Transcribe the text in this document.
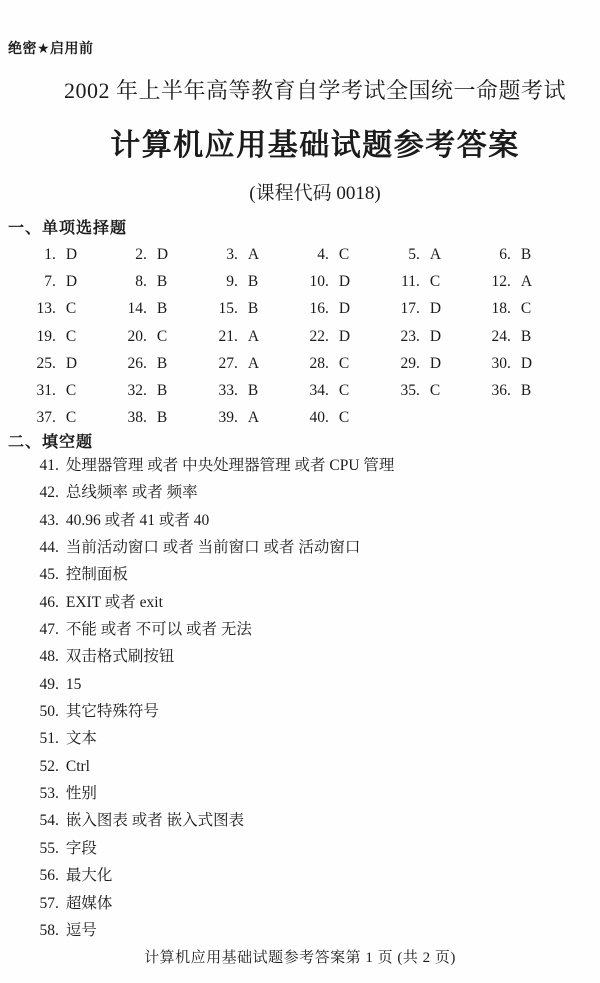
绝密★启用前
2002 年上半年高等教育自学考试全国统一命题考试
计算机应用基础试题参考答案
(课程代码 0018)
一、单项选择题
1 . D	2 . D	3 . A	4 . C	5 . A	6 . B
7 . D	8 . B	9 . B	10 . D	11 . C	12 . A
13 . C	14 . B	15 . B	16 . D	17 . D	18 . C
19 . C	20 . C	21 . A	22 . D	23 . D	24 . B
25 . D	26 . B	27 . A	28 . C	29 . D	30 . D
31 . C	32 . B	33 . B	34 . C	35 . C	36 . B
37 . C	38 . B	39 . A	40 . C
二、填空题
41. 处理器管理 或者 中央处理器管理 或者 CPU 管理
42. 总线频率 或者 频率
43. 40.96 或者 41 或者 40
44. 当前活动窗口 或者 当前窗口 或者 活动窗口
45. 控制面板
46. EXIT 或者 exit
47. 不能 或者 不可以 或者 无法
48. 双击格式刷按钮
49. 15
50. 其它特殊符号
51. 文本
52. Ctrl
53. 性别
54. 嵌入图表 或者 嵌入式图表
55. 字段
56. 最大化
57. 超媒体
58. 逗号
计算机应用基础试题参考答案第 1 页 (共 2 页)
